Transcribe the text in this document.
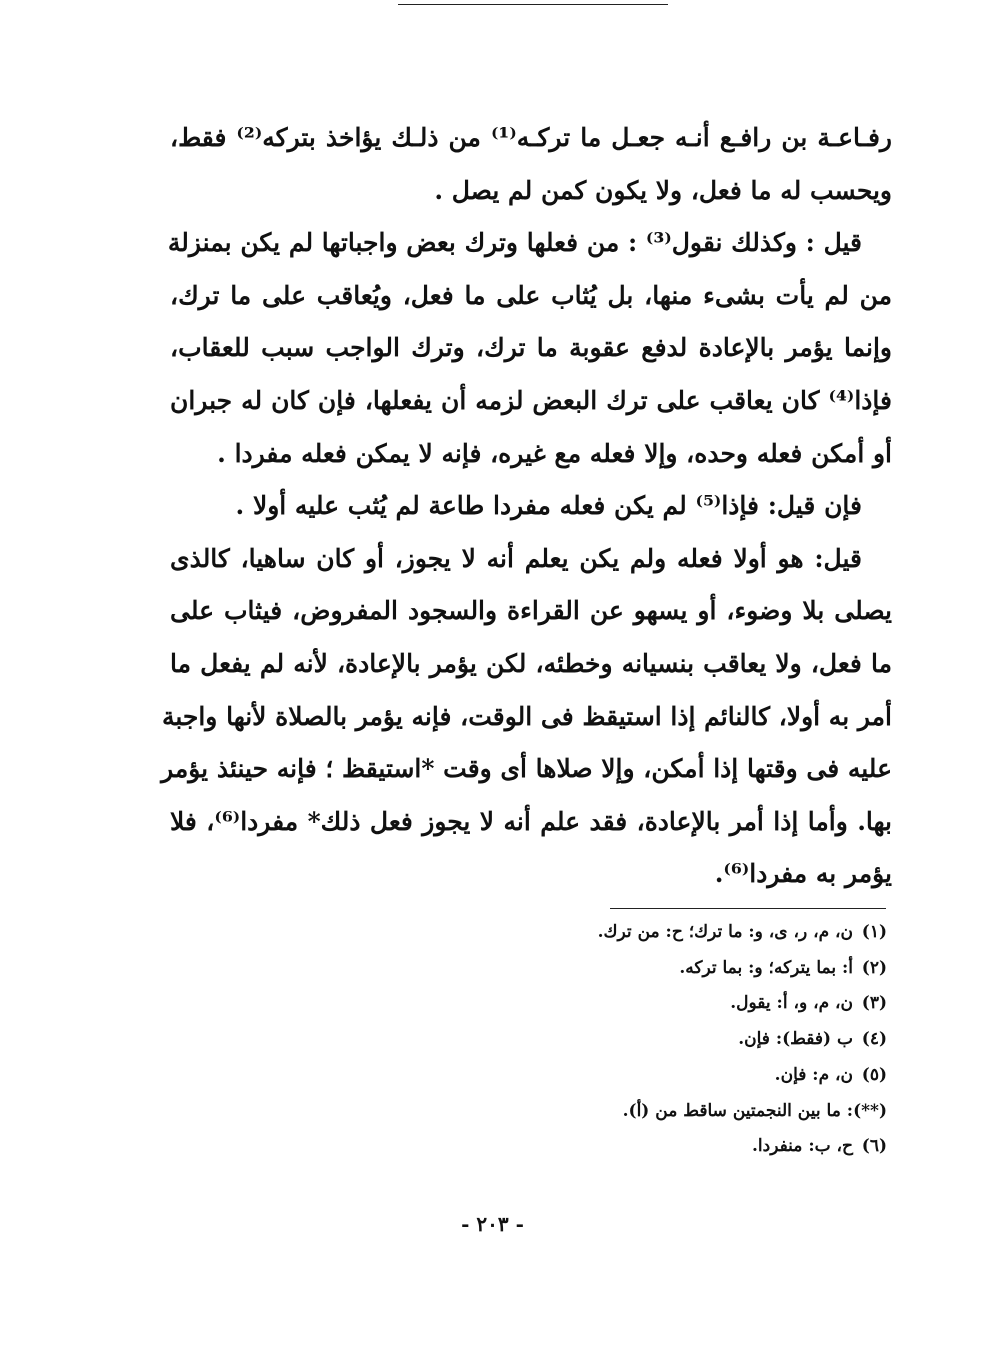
رفـاعـة بن رافـع أنـه جعـل ما تركـه⁽¹⁾ من ذلـك يؤاخذ بتركه⁽²⁾ فقط،
ويحسب له ما فعل، ولا يكون كمن لم يصل .
قيل : وكذلك نقول⁽³⁾ : من فعلها وترك بعض واجباتها لم يكن بمنزلة
من لم يأت بشىء منها، بل يُثاب على ما فعل، ويُعاقب على ما ترك،
وإنما يؤمر بالإعادة لدفع عقوبة ما ترك، وترك الواجب سبب للعقاب،
فإذا⁽⁴⁾ كان يعاقب على ترك البعض لزمه أن يفعلها، فإن كان له جبران
أو أمكن فعله وحده، وإلا فعله مع غيره، فإنه لا يمكن فعله مفردا .
فإن قيل: فإذا⁽⁵⁾ لم يكن فعله مفردا طاعة لم يُثب عليه أولا .
قيل: هو أولا فعله ولم يكن يعلم أنه لا يجوز، أو كان ساهيا، كالذى
يصلى بلا وضوء، أو يسهو عن القراءة والسجود المفروض، فيثاب على
ما فعل، ولا يعاقب بنسيانه وخطئه، لكن يؤمر بالإعادة، لأنه لم يفعل ما
أمر به أولا، كالنائم إذا استيقظ فى الوقت، فإنه يؤمر بالصلاة لأنها واجبة
عليه فى وقتها إذا أمكن، وإلا صلاها أى وقت *استيقظ ؛ فإنه حينئذ يؤمر
بها. وأما إذا أمر بالإعادة، فقد علم أنه لا يجوز فعل ذلك* مفردا⁽⁶⁾، فلا
يؤمر به مفردا⁽⁶⁾.
(١)ن، م، ر، ى، و: ما ترك؛ ح: من ترك.
(٢)أ: بما يتركه؛ و: بما تركه.
(٣)ن، م، و، أ: يقول.
(٤)ب (فقط): فإن.
(٥)ن، م: فإن.
(**): ما بين النجمتين ساقط من (أ).
(٦)ح، ب: منفردا.
- ٢٠٣ -
